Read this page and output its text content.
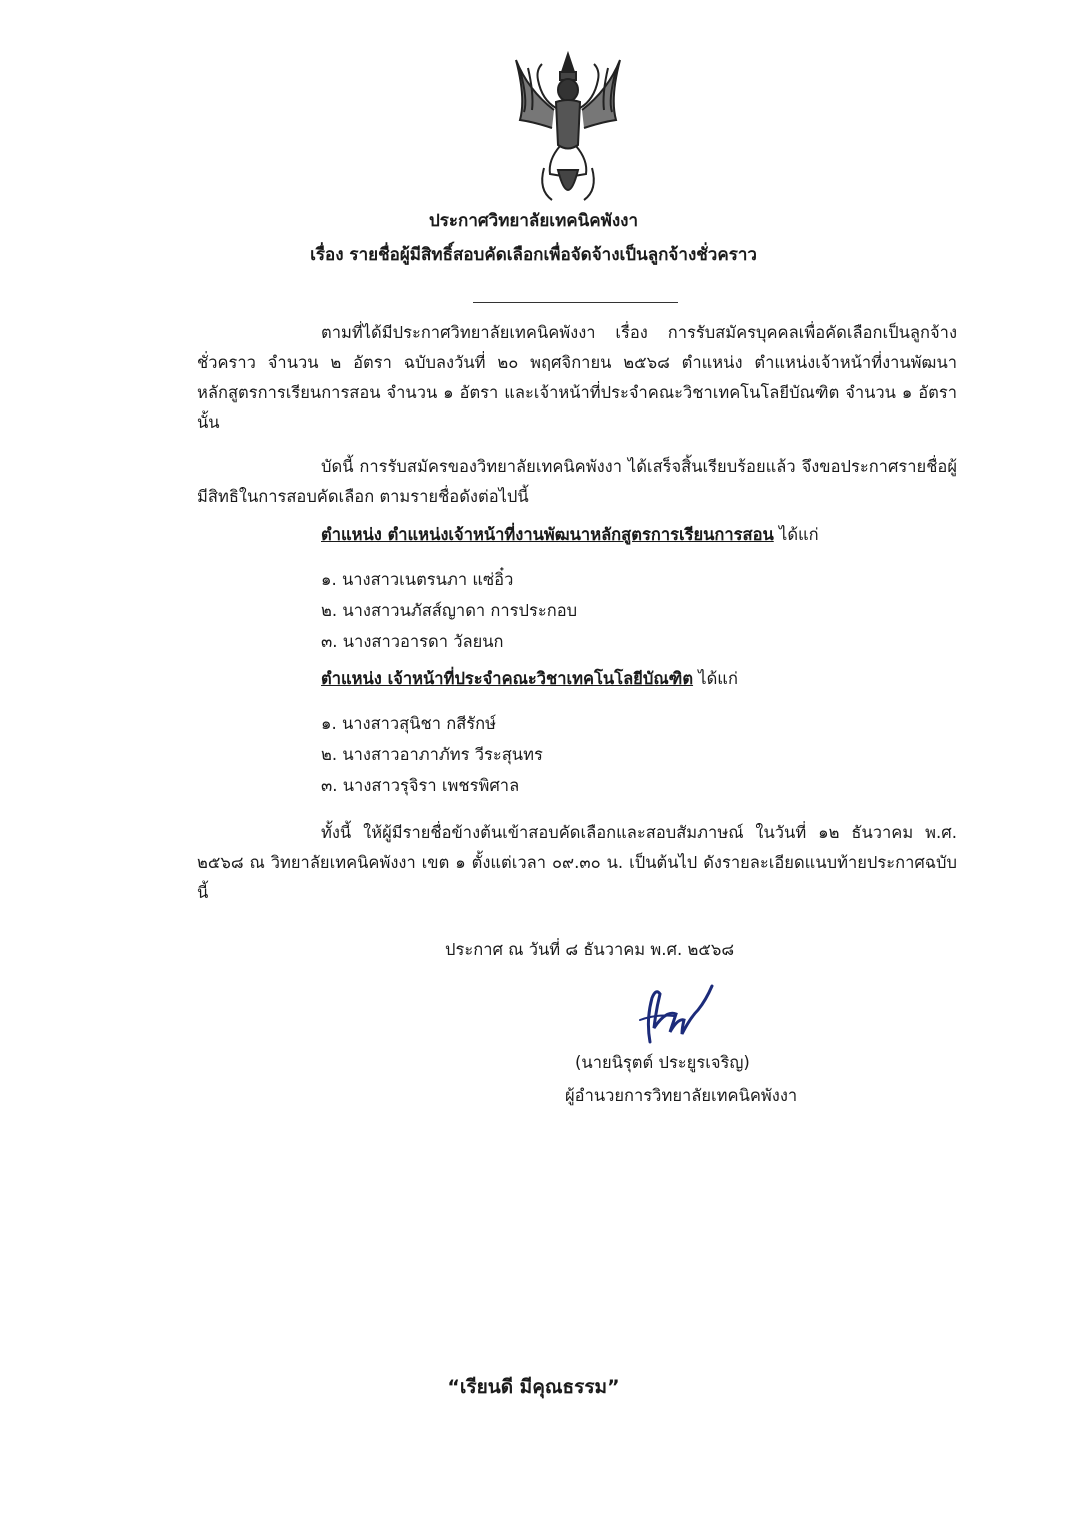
ประกาศวิทยาลัยเทคนิคพังงา
เรื่อง รายชื่อผู้มีสิทธิ์สอบคัดเลือกเพื่อจัดจ้างเป็นลูกจ้างชั่วคราว
ตามที่ได้มีประกาศวิทยาลัยเทคนิคพังงา เรื่อง การรับสมัครบุคคลเพื่อคัดเลือกเป็นลูกจ้างชั่วคราว จำนวน ๒ อัตรา ฉบับลงวันที่ ๒๐ พฤศจิกายน ๒๕๖๘ ตำแหน่ง ตำแหน่งเจ้าหน้าที่งานพัฒนาหลักสูตรการเรียนการสอน จำนวน ๑ อัตรา และเจ้าหน้าที่ประจำคณะวิชาเทคโนโลยีบัณฑิต จำนวน ๑ อัตรา นั้น
บัดนี้ การรับสมัครของวิทยาลัยเทคนิคพังงา ได้เสร็จสิ้นเรียบร้อยแล้ว จึงขอประกาศรายชื่อผู้มีสิทธิในการสอบคัดเลือก ตามรายชื่อดังต่อไปนี้
ตำแหน่ง ตำแหน่งเจ้าหน้าที่งานพัฒนาหลักสูตรการเรียนการสอน ได้แก่
๑. นางสาวเนตรนภา แซ่อิ๋ว
๒. นางสาวนภัสส์ญาดา การประกอบ
๓. นางสาวอารดา วัลยนก
ตำแหน่ง เจ้าหน้าที่ประจำคณะวิชาเทคโนโลยีบัณฑิต ได้แก่
๑. นางสาวสุนิชา กสีรักษ์
๒. นางสาวอาภาภัทร วีระสุนทร
๓. นางสาวรุจิรา เพชรพิศาล
ทั้งนี้ ให้ผู้มีรายชื่อข้างต้นเข้าสอบคัดเลือกและสอบสัมภาษณ์ ในวันที่ ๑๒ ธันวาคม พ.ศ. ๒๕๖๘ ณ วิทยาลัยเทคนิคพังงา เขต ๑ ตั้งแต่เวลา ๐๙.๓๐ น. เป็นต้นไป ดังรายละเอียดแนบท้ายประกาศฉบับนี้
ประกาศ ณ วันที่ ๘ ธันวาคม พ.ศ. ๒๕๖๘
(นายนิรุตต์ ประยูรเจริญ)
ผู้อำนวยการวิทยาลัยเทคนิคพังงา
“เรียนดี มีคุณธรรม”
